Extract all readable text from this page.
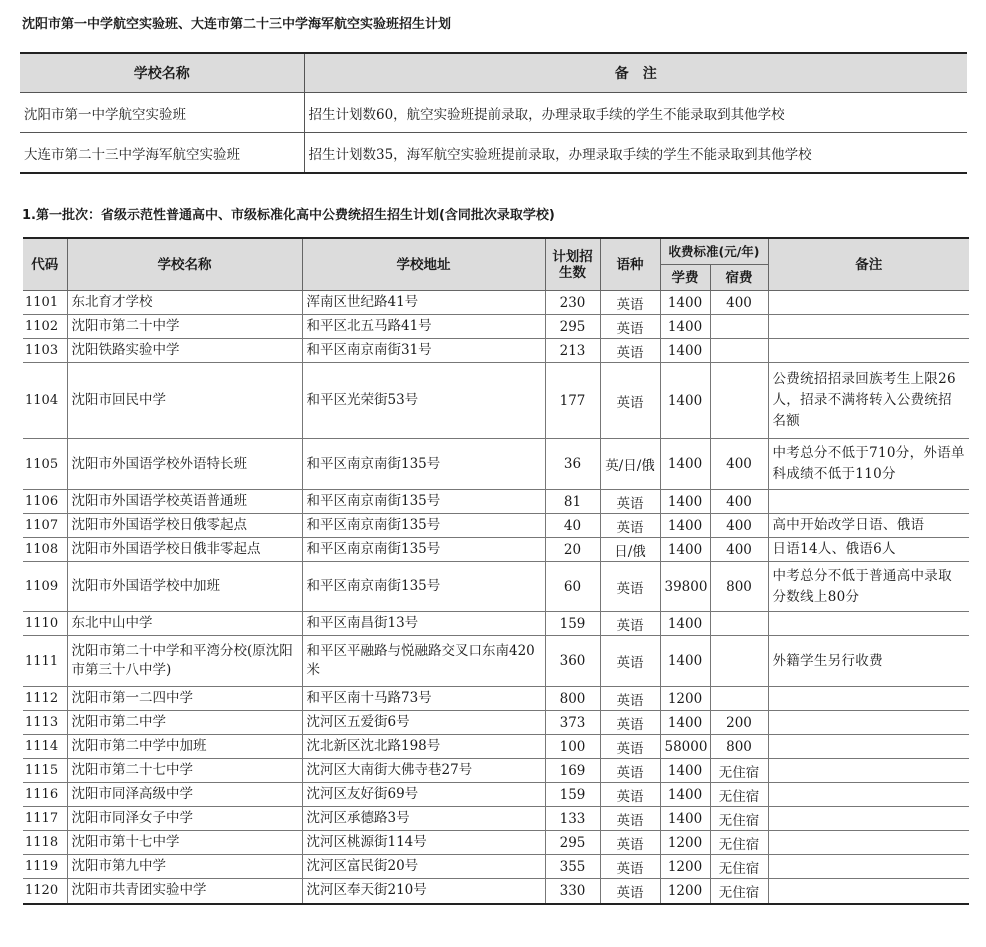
沈阳市第一中学航空实验班、大连市第二十三中学海军航空实验班招生计划
学校名称	备　注
沈阳市第一中学航空实验班	招生计划数60，航空实验班提前录取，办理录取手续的学生不能录取到其他学校
大连市第二十三中学海军航空实验班	招生计划数35，海军航空实验班提前录取，办理录取手续的学生不能录取到其他学校
1.第一批次：省级示范性普通高中、市级标准化高中公费统招生招生计划(含同批次录取学校)
代码	学校名称	学校地址	计划招生数	语种	收费标准(元/年)		备注
					学费	宿费	
1101	东北育才学校	浑南区世纪路41号	230	英语	1400	400	
1102	沈阳市第二十中学	和平区北五马路41号	295	英语	1400		
1103	沈阳铁路实验中学	和平区南京南街31号	213	英语	1400		
1104	沈阳市回民中学	和平区光荣街53号	177	英语	1400		公费统招招录回族考生上限26人，招录不满将转入公费统招名额
1105	沈阳市外国语学校外语特长班	和平区南京南街135号	36	英/日/俄	1400	400	中考总分不低于710分，外语单科成绩不低于110分
1106	沈阳市外国语学校英语普通班	和平区南京南街135号	81	英语	1400	400	
1107	沈阳市外国语学校日俄零起点	和平区南京南街135号	40	英语	1400	400	高中开始改学日语、俄语
1108	沈阳市外国语学校日俄非零起点	和平区南京南街135号	20	日/俄	1400	400	日语14人、俄语6人
1109	沈阳市外国语学校中加班	和平区南京南街135号	60	英语	39800	800	中考总分不低于普通高中录取分数线上80分
1110	东北中山中学	和平区南昌街13号	159	英语	1400		
1111	沈阳市第二十中学和平湾分校(原沈阳市第三十八中学)	和平区平融路与悦融路交叉口东南420米	360	英语	1400		外籍学生另行收费
1112	沈阳市第一二四中学	和平区南十马路73号	800	英语	1200		
1113	沈阳市第二中学	沈河区五爱街6号	373	英语	1400	200	
1114	沈阳市第二中学中加班	沈北新区沈北路198号	100	英语	58000	800	
1115	沈阳市第二十七中学	沈河区大南街大佛寺巷27号	169	英语	1400	无住宿	
1116	沈阳市同泽高级中学	沈河区友好街69号	159	英语	1400	无住宿	
1117	沈阳市同泽女子中学	沈河区承德路3号	133	英语	1400	无住宿	
1118	沈阳市第十七中学	沈河区桃源街114号	295	英语	1200	无住宿	
1119	沈阳市第九中学	沈河区富民街20号	355	英语	1200	无住宿	
1120	沈阳市共青团实验中学	沈河区奉天街210号	330	英语	1200	无住宿	
